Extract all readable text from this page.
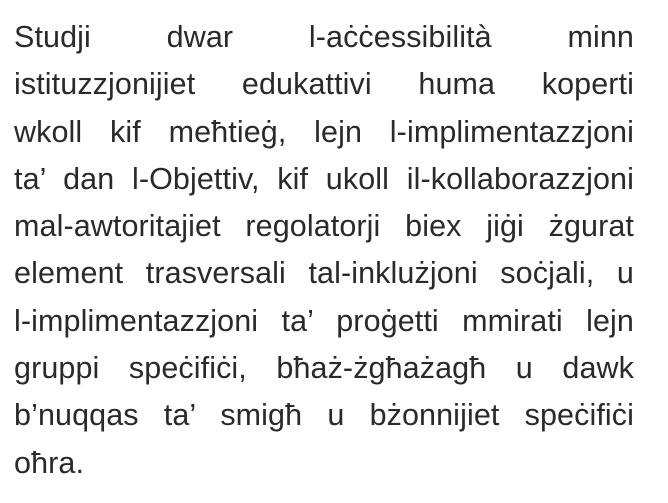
Studji dwar l-aċċessibilità minn
istituzzjonijiet edukattivi huma koperti
wkoll kif meħtieġ, lejn l-implimentazzjoni
ta’ dan l-Objettiv, kif ukoll il-kollaborazzjoni
mal-awtoritajiet regolatorji biex jiġi żgurat
element trasversali tal-inklużjoni soċjali, u
l-implimentazzjoni ta’ proġetti mmirati lejn
gruppi speċifiċi, bħaż-żgħażagħ u dawk
b’nuqqas ta’ smigħ u bżonnijiet speċifiċi
oħra.
